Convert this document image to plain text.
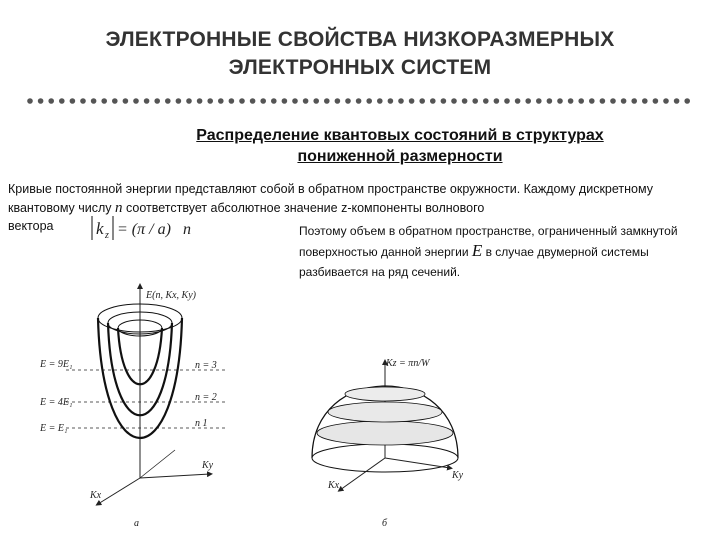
ЭЛЕКТРОННЫЕ СВОЙСТВА НИЗКОРАЗМЕРНЫХ
ЭЛЕКТРОННЫХ СИСТЕМ
Распределение квантовых состояний в структурах
пониженной размерности
Кривые постоянной энергии представляют собой в обратном пространстве окружности. Каждому дискретному квантовому числу n соответствует абсолютное значение z-компоненты волнового
вектора k z = (π / a) n	Поэтому объем в обратном пространстве, ограниченный замкнутой поверхностью данной энергии E в случае двумерной системы разбивается на ряд сечений.
E(n, Kx, Ky)
E = 9E₁
E = 4E₁
E = E₁
n = 3
n = 2
n 1
Ky
Kx
а
Kz = πn/W
Ky
Kx
б
